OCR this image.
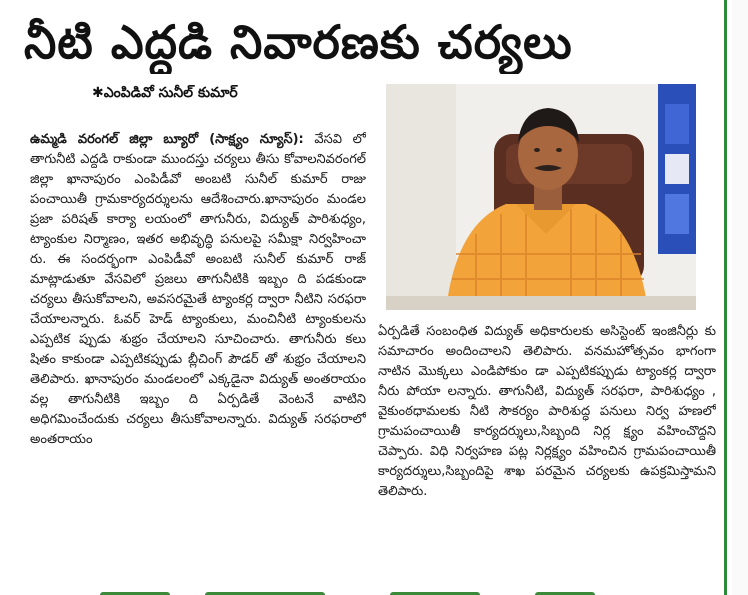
నీటి ఎద్దడి నివారణకు చర్యలు
✱ఎంపిడివో సునీల్ కుమార్

ఉమ్మడి వరంగల్ జిల్లా బ్యూరో (సాక్ష్యం న్యూస్): వేసవి లో తాగునీటి ఎద్దడి రాకుండా ముందస్తు చర్యలు తీసు కోవాలనివరంగల్ జిల్లా ఖానాపురం ఎంపిడీవో అంబటి సునీల్ కుమార్ రాజు పంచాయితీ గ్రామకార్యదర్శులను ఆదేశించారు.ఖానాపురం మండల ప్రజా పరిషత్ కార్యా లయంలో తాగునీరు, విద్యుత్ పారిశుధ్యం, ట్యాంకుల నిర్మాణం, ఇతర అభివృద్ధి పనులపై సమీక్షా నిర్వహించా రు. ఈ సందర్భంగా ఎంపిడీవో అంబటి సునీల్ కుమార్ రాజ్ మాట్లాడుతూ వేసవిలో ప్రజలు తాగునీటికి ఇబ్బం ది పడకుండా చర్యలు తీసుకోవాలని, అవసరమైతే ట్యాంకర్ల ద్వారా నీటిని సరఫరా చేయాలన్నారు. ఓవర్ హెడ్ ట్యాంకులు, మంచినీటి ట్యాంకులను ఎప్పటిక ప్పుడు శుభ్రం చేయాలని సూచించారు. తాగునీరు కలు షితం కాకుండా ఎప్పటికప్పుడు బ్లీచింగ్ పౌడర్ తో శుభ్రం చేయాలని తెలిపారు. ఖానాపురం మండలంలో ఎక్కడైనా విద్యుత్ అంతరాయం వల్ల తాగునీటికి ఇబ్బం ది ఏర్పడితే వెంటనే వాటిని అధిగమించేందుకు చర్యలు తీసుకోవాలన్నారు. విద్యుత్ సరఫరాలో అంతరాయం

ఏర్పడితే సంబంధిత విద్యుత్ అధికారులకు అసిస్టెంట్ ఇంజినీర్లు కు సమాచారం అందించాలని తెలిపారు. వనమహోత్సవం భాగంగా నాటిన మొక్కలు ఎండిపోకుం డా ఎప్పటికప్పుడు ట్యాంకర్ల ద్వారా నీరు పోయా లన్నారు. తాగునీటి, విద్యుత్ సరఫరా, పారిశుధ్యం , వైకుంఠధామలకు నీటి సౌకర్యం పారిశుద్ధ పనులు నిర్వ హణలో గ్రామపంచాయితీ కార్యదర్శులు,సిబ్బంది నిర్ల క్ష్యం వహించొద్దని చెప్పారు. విధి నిర్వహణ పట్ల నిర్లక్ష్యం వహించిన గ్రామపంచాయితీ కార్యదర్శులు,సిబ్బందిపై శాఖ పరమైన చర్యలకు ఉపక్రమిస్తామని తెలిపారు.
